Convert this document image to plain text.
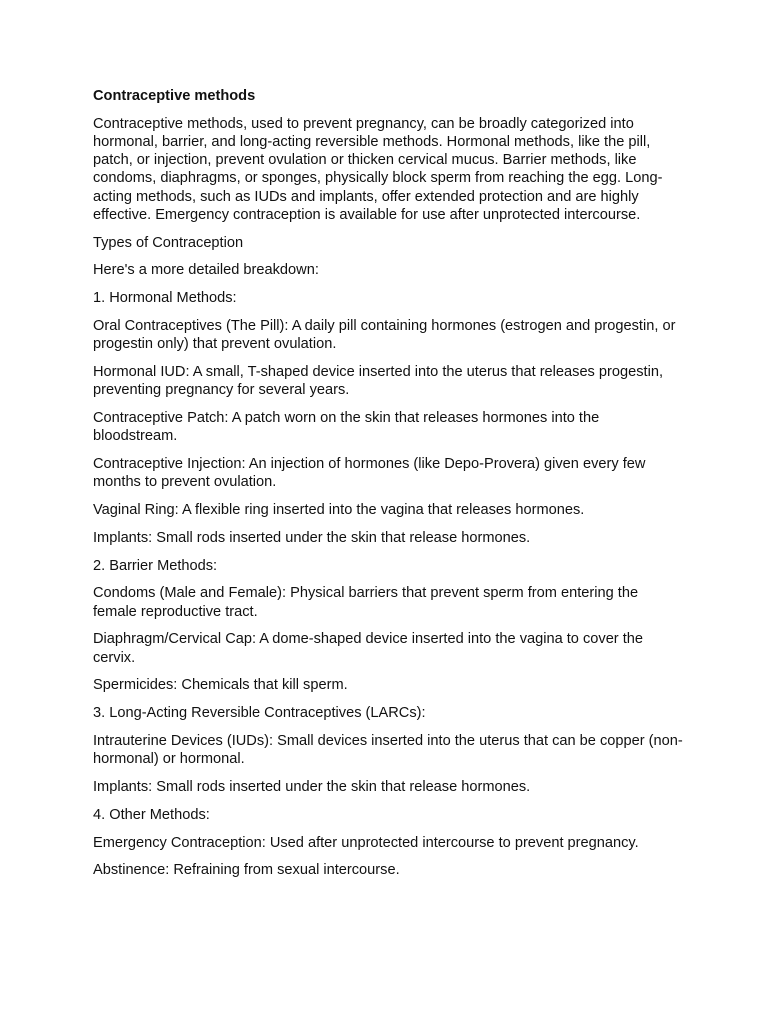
Contraceptive methods

Contraceptive methods, used to prevent pregnancy, can be broadly categorized into hormonal, barrier, and long-acting reversible methods. Hormonal methods, like the pill, patch, or injection, prevent ovulation or thicken cervical mucus. Barrier methods, like condoms, diaphragms, or sponges, physically block sperm from reaching the egg. Long-acting methods, such as IUDs and implants, offer extended protection and are highly effective. Emergency contraception is available for use after unprotected intercourse.

Types of Contraception

Here's a more detailed breakdown:

1. Hormonal Methods:

Oral Contraceptives (The Pill): A daily pill containing hormones (estrogen and progestin, or progestin only) that prevent ovulation.

Hormonal IUD: A small, T-shaped device inserted into the uterus that releases progestin, preventing pregnancy for several years.

Contraceptive Patch: A patch worn on the skin that releases hormones into the bloodstream.

Contraceptive Injection: An injection of hormones (like Depo-Provera) given every few months to prevent ovulation.

Vaginal Ring: A flexible ring inserted into the vagina that releases hormones.

Implants: Small rods inserted under the skin that release hormones.

2. Barrier Methods:

Condoms (Male and Female): Physical barriers that prevent sperm from entering the female reproductive tract.

Diaphragm/Cervical Cap: A dome-shaped device inserted into the vagina to cover the cervix.

Spermicides: Chemicals that kill sperm.

3. Long-Acting Reversible Contraceptives (LARCs):

Intrauterine Devices (IUDs): Small devices inserted into the uterus that can be copper (non-hormonal) or hormonal.

Implants: Small rods inserted under the skin that release hormones.

4. Other Methods:

Emergency Contraception: Used after unprotected intercourse to prevent pregnancy.

Abstinence: Refraining from sexual intercourse.
